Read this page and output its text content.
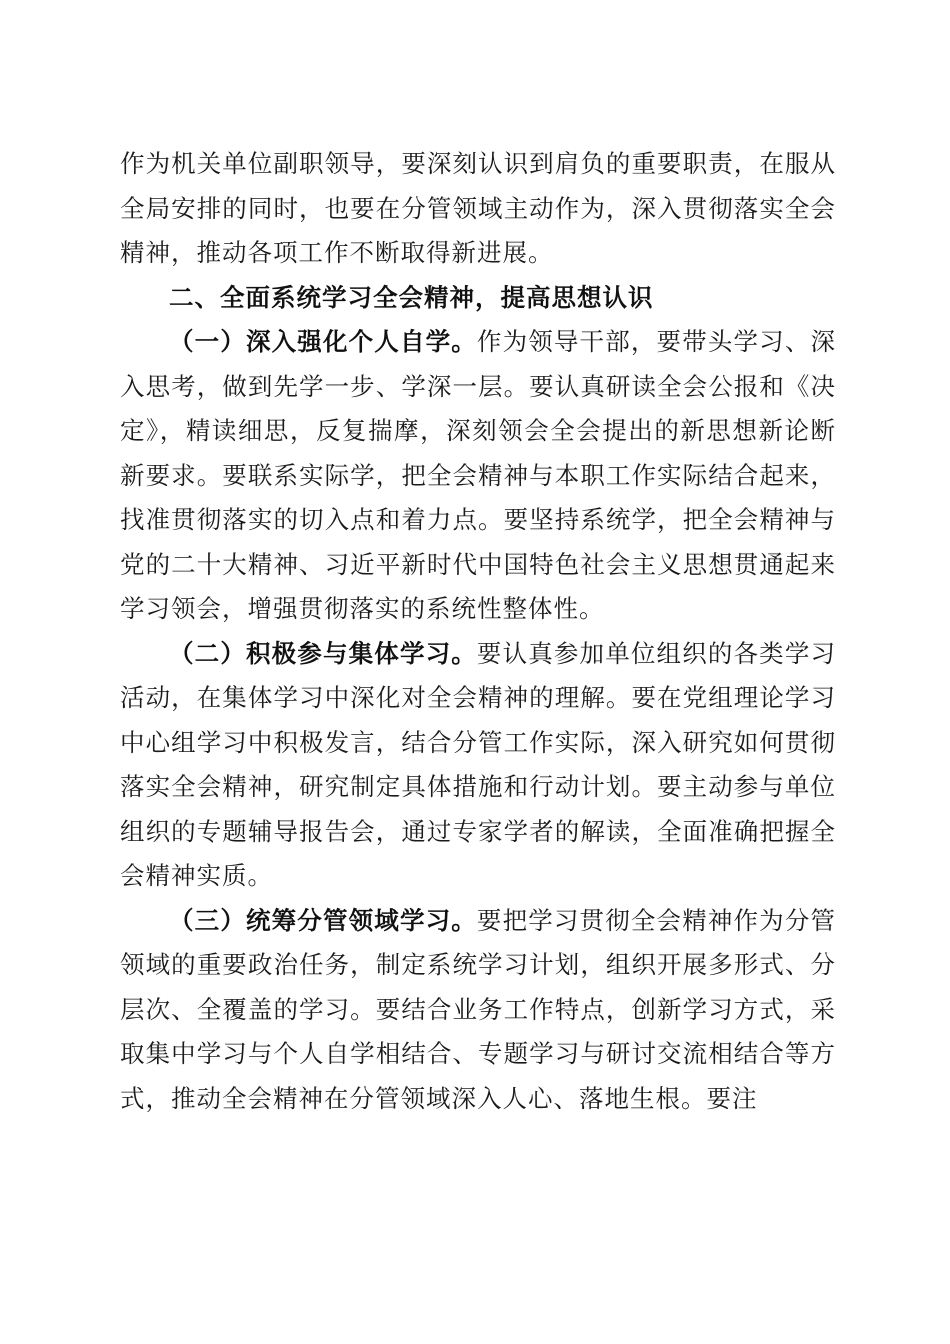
作为机关单位副职领导，要深刻认识到肩负的重要职责，在服从全局安排的同时，也要在分管领域主动作为，深入贯彻落实全会精神，推动各项工作不断取得新进展。

二、全面系统学习全会精神，提高思想认识

（一）深入强化个人自学。作为领导干部，要带头学习、深入思考，做到先学一步、学深一层。要认真研读全会公报和《决定》，精读细思，反复揣摩，深刻领会全会提出的新思想新论断新要求。要联系实际学，把全会精神与本职工作实际结合起来，找准贯彻落实的切入点和着力点。要坚持系统学，把全会精神与党的二十大精神、习近平新时代中国特色社会主义思想贯通起来学习领会，增强贯彻落实的系统性整体性。

（二）积极参与集体学习。要认真参加单位组织的各类学习活动，在集体学习中深化对全会精神的理解。要在党组理论学习中心组学习中积极发言，结合分管工作实际，深入研究如何贯彻落实全会精神，研究制定具体措施和行动计划。要主动参与单位组织的专题辅导报告会，通过专家学者的解读，全面准确把握全会精神实质。

（三）统筹分管领域学习。要把学习贯彻全会精神作为分管领域的重要政治任务，制定系统学习计划，组织开展多形式、分层次、全覆盖的学习。要结合业务工作特点，创新学习方式，采取集中学习与个人自学相结合、专题学习与研讨交流相结合等方式，推动全会精神在分管领域深入人心、落地生根。要注
